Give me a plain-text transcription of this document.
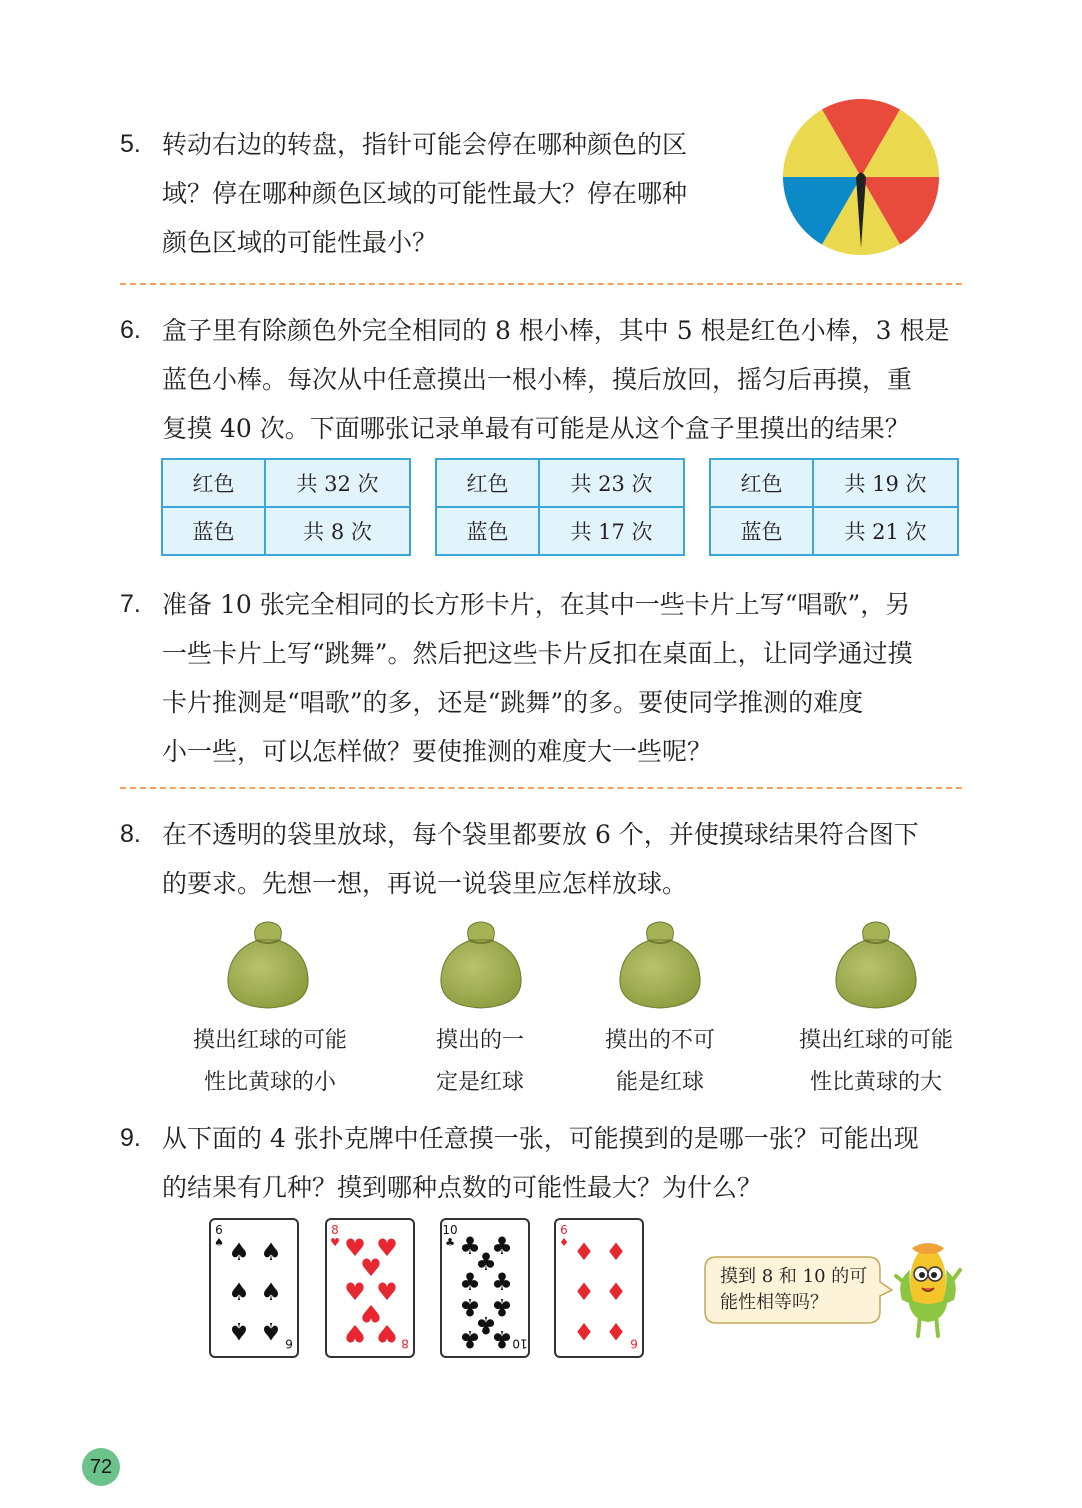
5. 转动右边的转盘，指针可能会停在哪种颜色的区
域？停在哪种颜色区域的可能性最大？停在哪种
颜色区域的可能性最小？
6. 盒子里有除颜色外完全相同的 8 根小棒，其中 5 根是红色小棒，3 根是
蓝色小棒。每次从中任意摸出一根小棒，摸后放回，摇匀后再摸，重
复摸 40 次。下面哪张记录单最有可能是从这个盒子里摸出的结果？
红色	共 32 次
蓝色	共 8 次
红色	共 23 次
蓝色	共 17 次
红色	共 19 次
蓝色	共 21 次
7. 准备 10 张完全相同的长方形卡片，在其中一些卡片上写“唱歌”，另
一些卡片上写“跳舞”。然后把这些卡片反扣在桌面上，让同学通过摸
卡片推测是“唱歌”的多，还是“跳舞”的多。要使同学推测的难度
小一些，可以怎样做？要使推测的难度大一些呢？
8. 在不透明的袋里放球，每个袋里都要放 6 个，并使摸球结果符合图下
的要求。先想一想，再说一说袋里应怎样放球。
摸出红球的可能
性比黄球的小
摸出的一
定是红球
摸出的不可
能是红球
摸出红球的可能
性比黄球的大
9. 从下面的 4 张扑克牌中任意摸一张，可能摸到的是哪一张？可能出现
的结果有几种？摸到哪种点数的可能性最大？为什么？
6
♠
6
♠ ♠
♠ ♠
♠ ♠
8
♥
8
♥ ♥
♥
♥ ♥
♥
♥ ♥
10
♣
10
♣ ♣
♣
♣ ♣
♣ ♣
♣
♣ ♣
6
♦
6
♦ ♦
♦ ♦
♦ ♦
摸到 8 和 10 的可
能性相等吗？
72
